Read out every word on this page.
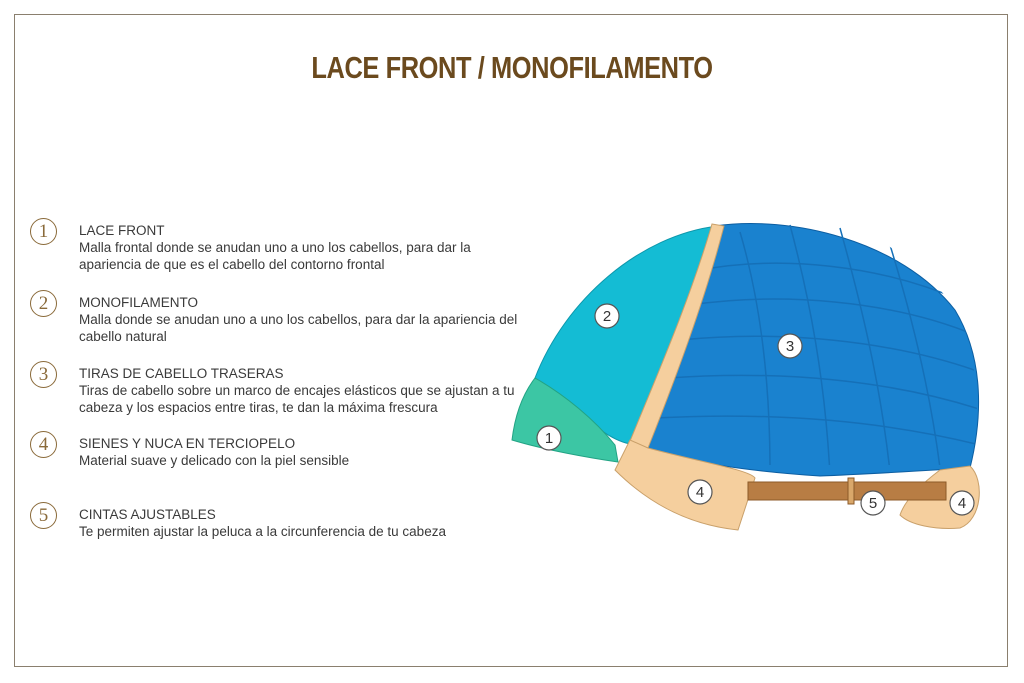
LACE FRONT / MONOFILAMENTO
1	LACE FRONT
Malla frontal donde se anudan uno a uno los cabellos, para dar la apariencia de que es el cabello del contorno frontal
2	MONOFILAMENTO
Malla donde se anudan uno a uno los cabellos, para dar la apariencia del cabello natural
3	TIRAS DE CABELLO TRASERAS
Tiras de cabello sobre un marco de encajes elásticos que se ajustan a tu cabeza y los espacios entre tiras, te dan la máxima frescura
4	SIENES Y NUCA EN TERCIOPELO
Material suave y delicado con la piel sensible
5	CINTAS AJUSTABLES
Te permiten ajustar la peluca a la circunferencia de tu cabeza
1
2
3
4
5	4
